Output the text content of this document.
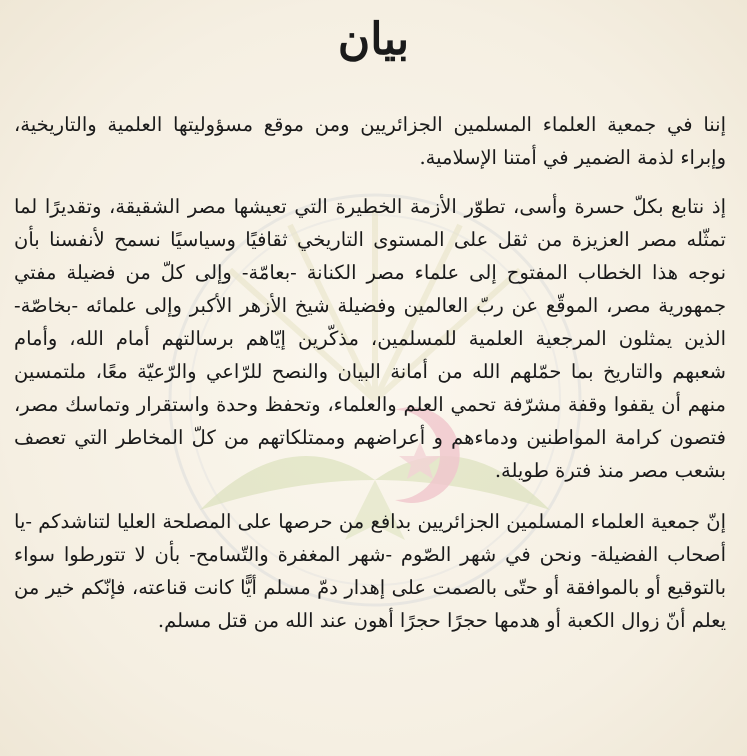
بيان

إننا في جمعية العلماء المسلمين الجزائريين ومن موقع مسؤوليتها العلمية والتاريخية، وإبراء لذمة الضمير في أمتنا الإسلامية.

إذ نتابع بكلّ حسرة وأسى، تطوّر الأزمة الخطيرة التي تعيشها مصر الشقيقة، وتقديرًا لما تمثّله مصر العزيزة من ثقل على المستوى التاريخي ثقافيًا وسياسيًا نسمح لأنفسنا بأن نوجه هذا الخطاب المفتوح إلى علماء مصر الكنانة -بعامّة- وإلى كلّ من فضيلة مفتي جمهورية مصر، الموقّع عن ربّ العالمين وفضيلة شيخ الأزهر الأكبر وإلى علمائه -بخاصّة- الذين يمثلون المرجعية العلمية للمسلمين، مذكّرين إيّاهم برسالتهم أمام الله، وأمام شعبهم والتاريخ بما حمّلهم الله من أمانة البيان والنصح للرّاعي والرّعيّة معًا، ملتمسين منهم أن يقفوا وقفة مشرّفة تحمي العلم والعلماء، وتحفظ وحدة واستقرار وتماسك مصر، فتصون كرامة المواطنين ودماءهم و أعراضهم وممتلكاتهم من كلّ المخاطر التي تعصف بشعب مصر منذ فترة طويلة.

إنّ جمعية العلماء المسلمين الجزائريين بدافع من حرصها على المصلحة العليا لتناشدكم -يا أصحاب الفضيلة- ونحن في شهر الصّوم -شهر المغفرة والتّسامح- بأن لا تتورطوا سواء بالتوقيع أو بالموافقة أو حتّى بالصمت على إهدار دمّ مسلم أيًّا كانت قناعته، فإنّكم خير من يعلم أنّ زوال الكعبة أو هدمها حجرًا حجرًا أهون عند الله من قتل مسلم.
